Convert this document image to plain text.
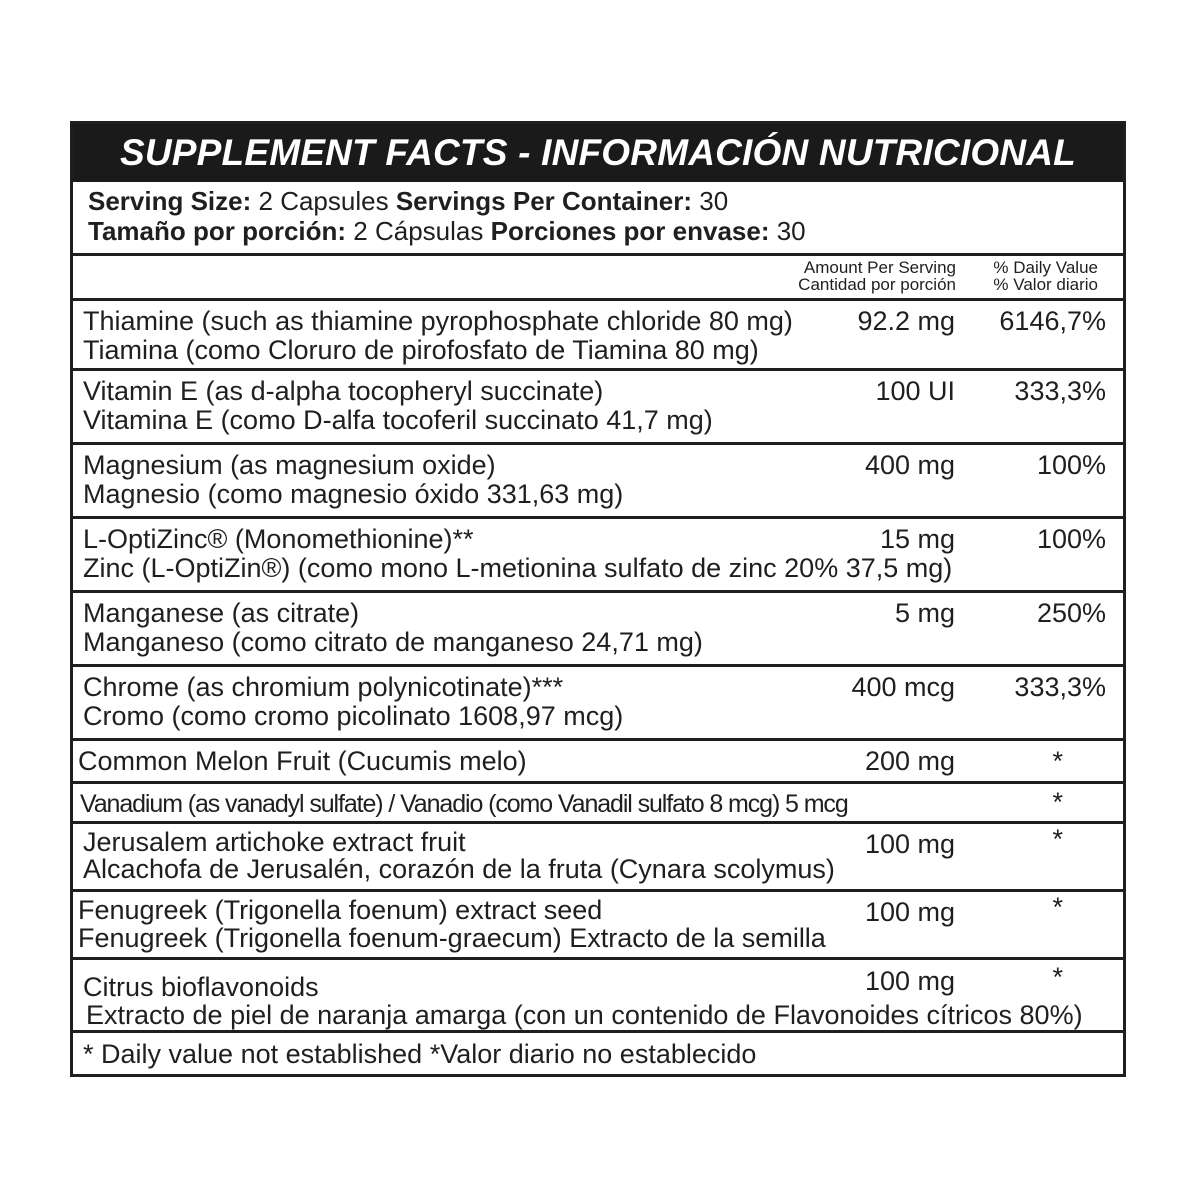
SUPPLEMENT FACTS - INFORMACIÓN NUTRICIONAL
Serving Size: 2 Capsules Servings Per Container: 30
Tamaño por porción: 2 Cápsulas Porciones por envase: 30
Amount Per Serving
Cantidad por porción
% Daily Value
% Valor diario
Thiamine (such as thiamine pyrophosphate chloride 80 mg)
Tiamina (como Cloruro de pirofosfato de Tiamina 80 mg)
92.2 mg 6146,7%
Vitamin E (as d-alpha tocopheryl succinate)
Vitamina E (como D-alfa tocoferil succinato 41,7 mg)
100 UI 333,3%
Magnesium (as magnesium oxide)
Magnesio (como magnesio óxido 331,63 mg)
400 mg	100%
L-OptiZinc® (Monomethionine)**
Zinc (L-OptiZin®) (como mono L-metionina sulfato de zinc 20% 37,5 mg)
15 mg	100%
Manganese (as citrate)
Manganeso (como citrato de manganeso 24,71 mg)
5 mg	250%
Chrome (as chromium polynicotinate)***
Cromo (como cromo picolinato 1608,97 mcg)
400 mcg 333,3%
Common Melon Fruit (Cucumis melo)	200 mg	*
Vanadium (as vanadyl sulfate) / Vanadio (como Vanadil sulfato 8 mcg) 5 mcg	*
Jerusalem artichoke extract fruit
Alcachofa de Jerusalén, corazón de la fruta (Cynara scolymus)
100 mg	*
Fenugreek (Trigonella foenum) extract seed
Fenugreek (Trigonella foenum-graecum) Extracto de la semilla
100 mg	*
Citrus bioflavonoids
Extracto de piel de naranja amarga (con un contenido de Flavonoides cítricos 80%)
100 mg	*
* Daily value not established *Valor diario no establecido
